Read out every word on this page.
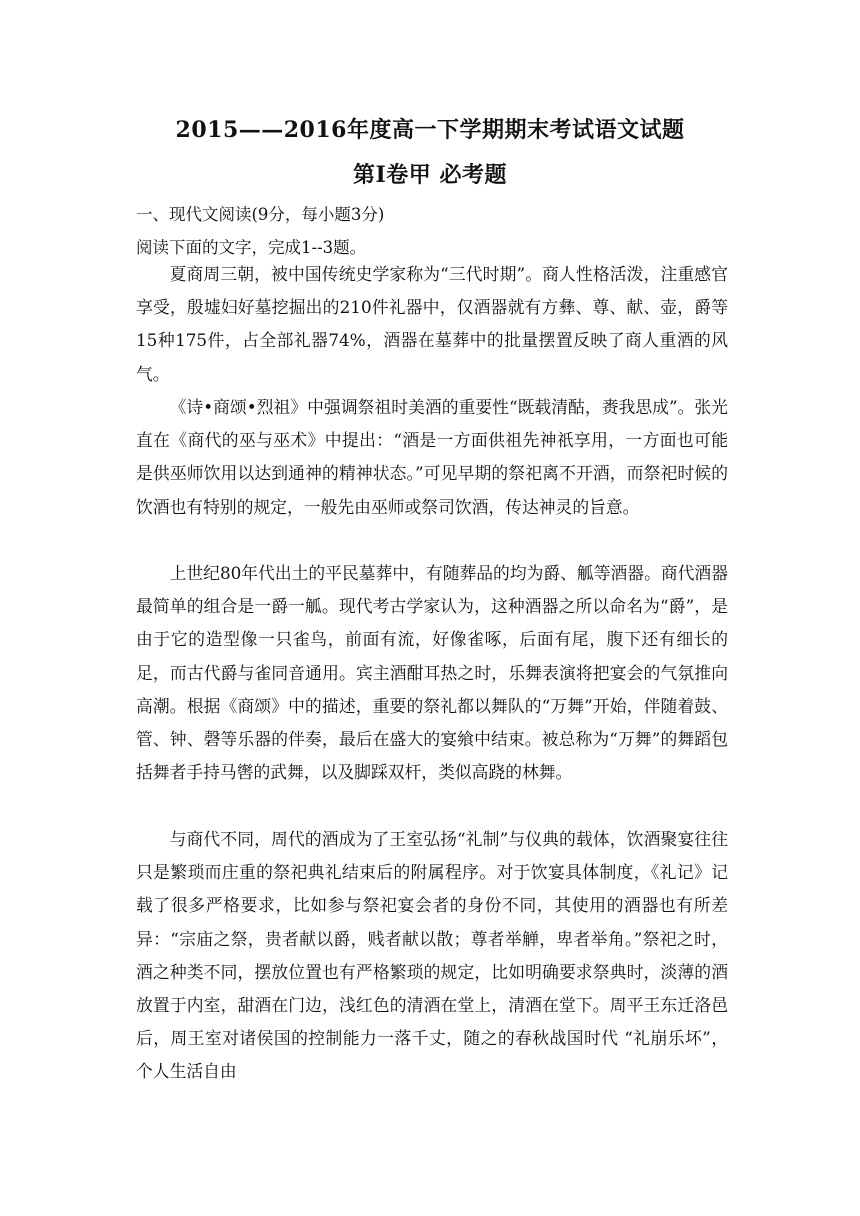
2015——2016年度高一下学期期末考试语文试题
第Ⅰ卷甲 必考题
一、现代文阅读(9分，每小题3分)
阅读下面的文字，完成1--3题。
夏商周三朝，被中国传统史学家称为“三代时期”。商人性格活泼，注重感官享受，殷墟妇好墓挖掘出的210件礼器中，仅酒器就有方彝、尊、献、壶，爵等15种175件，占全部礼器74%，酒器在墓葬中的批量摆置反映了商人重酒的风气。
《诗•商颂•烈祖》中强调祭祖时美酒的重要性“既载清酤，赉我思成”。张光直在《商代的巫与巫术》中提出：“酒是一方面供祖先神祇享用，一方面也可能是供巫师饮用以达到通神的精神状态。”可见早期的祭祀离不开酒，而祭祀时候的饮酒也有特别的规定，一般先由巫师或祭司饮酒，传达神灵的旨意。
上世纪80年代出土的平民墓葬中，有随葬品的均为爵、觚等酒器。商代酒器最简单的组合是一爵一觚。现代考古学家认为，这种酒器之所以命名为“爵”，是由于它的造型像一只雀鸟，前面有流，好像雀啄，后面有尾，腹下还有细长的足，而古代爵与雀同音通用。宾主酒酣耳热之时，乐舞表演将把宴会的气氛推向高潮。根据《商颂》中的描述，重要的祭礼都以舞队的“万舞”开始，伴随着鼓、管、钟、磬等乐器的伴奏，最后在盛大的宴飨中结束。被总称为“万舞”的舞蹈包括舞者手持马辔的武舞，以及脚踩双杆，类似高跷的林舞。
与商代不同，周代的酒成为了王室弘扬“礼制”与仪典的载体，饮酒聚宴往往只是繁琐而庄重的祭祀典礼结束后的附属程序。对于饮宴具体制度，《礼记》记载了很多严格要求，比如参与祭祀宴会者的身份不同，其使用的酒器也有所差异：“宗庙之祭，贵者献以爵，贱者献以散；尊者举觯，卑者举角。”祭祀之时，酒之种类不同，摆放位置也有严格繁琐的规定，比如明确要求祭典时，淡薄的酒放置于内室，甜酒在门边，浅红色的清酒在堂上，清酒在堂下。周平王东迁洛邑后，周王室对诸侯国的控制能力一落千丈，随之的春秋战国时代 “礼崩乐坏”，个人生活自由
